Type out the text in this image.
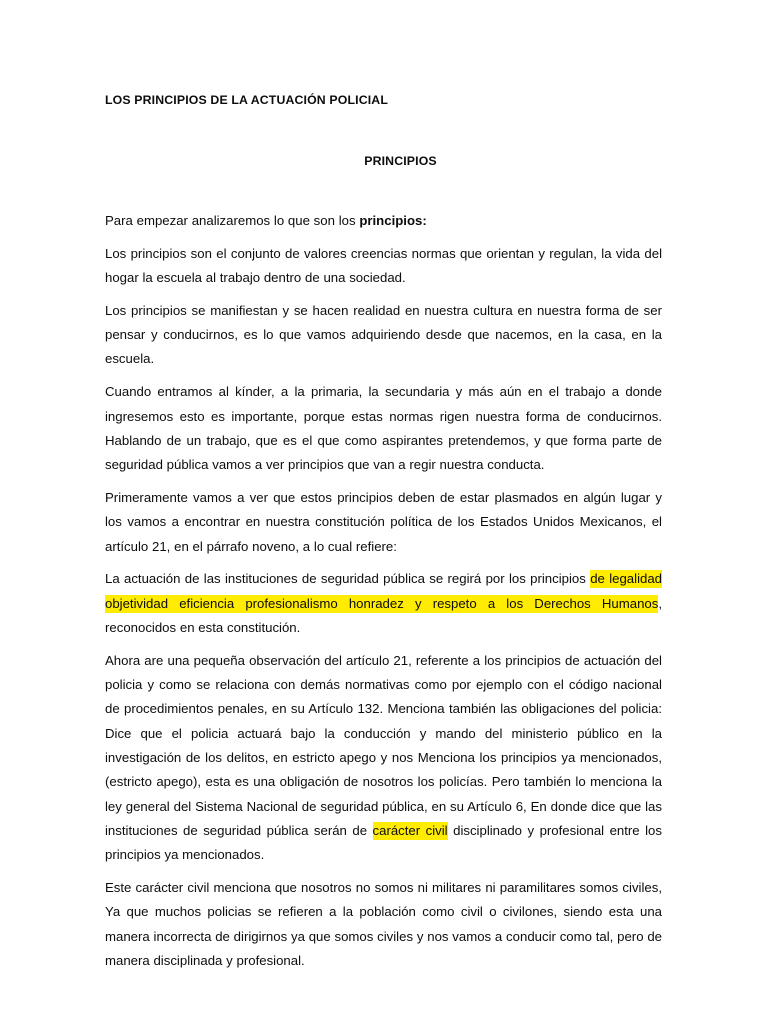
LOS PRINCIPIOS DE LA ACTUACIÓN POLICIAL
PRINCIPIOS

Para empezar analizaremos lo que son los principios:

Los principios son el conjunto de valores creencias normas que orientan y regulan, la vida del hogar la escuela al trabajo dentro de una sociedad.

Los principios se manifiestan y se hacen realidad en nuestra cultura en nuestra forma de ser pensar y conducirnos, es lo que vamos adquiriendo desde que nacemos, en la casa, en la escuela.

Cuando entramos al kínder, a la primaria, la secundaria y más aún en el trabajo a donde ingresemos esto es importante, porque estas normas rigen nuestra forma de conducirnos. Hablando de un trabajo, que es el que como aspirantes pretendemos, y que forma parte de seguridad pública vamos a ver principios que van a regir nuestra conducta.

Primeramente vamos a ver que estos principios deben de estar plasmados en algún lugar y los vamos a encontrar en nuestra constitución política de los Estados Unidos Mexicanos, el artículo 21, en el párrafo noveno, a lo cual refiere:

La actuación de las instituciones de seguridad pública se regirá por los principios de legalidad objetividad eficiencia profesionalismo honradez y respeto a los Derechos Humanos, reconocidos en esta constitución.

Ahora are una pequeña observación del artículo 21, referente a los principios de actuación del policia y como se relaciona con demás normativas como por ejemplo con el código nacional de procedimientos penales, en su Artículo 132. Menciona también las obligaciones del policia: Dice que el policia actuará bajo la conducción y mando del ministerio público en la investigación de los delitos, en estricto apego y nos Menciona los principios ya mencionados, (estricto apego), esta es una obligación de nosotros los policías. Pero también lo menciona la ley general del Sistema Nacional de seguridad pública, en su Artículo 6, En donde dice que las instituciones de seguridad pública serán de carácter civil disciplinado y profesional entre los principios ya mencionados.

Este carácter civil menciona que nosotros no somos ni militares ni paramilitares somos civiles, Ya que muchos policias se refieren a la población como civil o civilones, siendo esta una manera incorrecta de dirigirnos ya que somos civiles y nos vamos a conducir como tal, pero de manera disciplinada y profesional.
